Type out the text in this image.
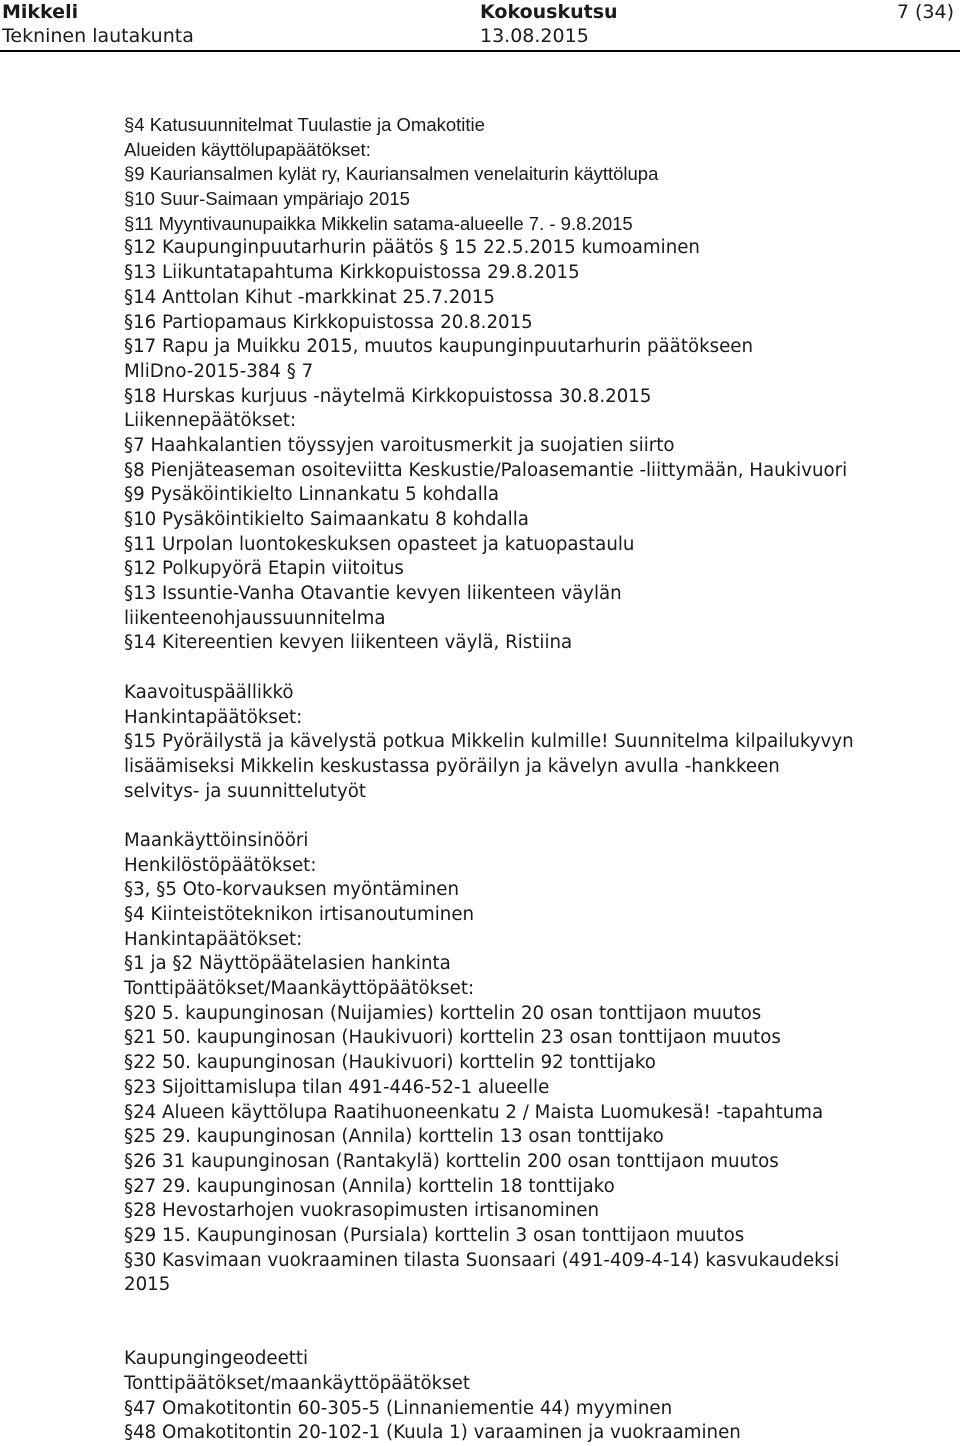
Mikkeli
Tekninen lautakunta
Kokouskutsu
13.08.2015
7 (34)
§4 Katusuunnitelmat Tuulastie ja Omakotitie
Alueiden käyttölupapäätökset:
§9 Kauriansalmen kylät ry, Kauriansalmen venelaiturin käyttölupa
§10 Suur-Saimaan ympäriajo 2015
§11 Myyntivaunupaikka Mikkelin satama-alueelle 7. - 9.8.2015
§12 Kaupunginpuutarhurin päätös § 15 22.5.2015 kumoaminen
§13 Liikuntatapahtuma Kirkkopuistossa 29.8.2015
§14 Anttolan Kihut -markkinat 25.7.2015
§16 Partiopamaus Kirkkopuistossa 20.8.2015
§17 Rapu ja Muikku 2015, muutos kaupunginpuutarhurin päätökseen
MliDno-2015-384 § 7
§18 Hurskas kurjuus -näytelmä Kirkkopuistossa 30.8.2015
Liikennepäätökset:
§7 Haahkalantien töyssyjen varoitusmerkit ja suojatien siirto
§8 Pienjäteaseman osoiteviitta Keskustie/Paloasemantie -liittymään, Haukivuori
§9 Pysäköintikielto Linnankatu 5 kohdalla
§10 Pysäköintikielto Saimaankatu 8 kohdalla
§11 Urpolan luontokeskuksen opasteet ja katuopastaulu
§12 Polkupyörä Etapin viitoitus
§13 Issuntie-Vanha Otavantie kevyen liikenteen väylän
liikenteenohjaussuunnitelma
§14 Kitereentien kevyen liikenteen väylä, Ristiina
Kaavoituspäällikkö
Hankintapäätökset:
§15 Pyöräilystä ja kävelystä potkua Mikkelin kulmille! Suunnitelma kilpailukyvyn
lisäämiseksi Mikkelin keskustassa pyöräilyn ja kävelyn avulla -hankkeen
selvitys- ja suunnittelutyöt
Maankäyttöinsinööri
Henkilöstöpäätökset:
§3, §5 Oto-korvauksen myöntäminen
§4 Kiinteistöteknikon irtisanoutuminen
Hankintapäätökset:
§1 ja §2 Näyttöpäätelasien hankinta
Tonttipäätökset/Maankäyttöpäätökset:
§20 5. kaupunginosan (Nuijamies) korttelin 20 osan tonttijaon muutos
§21 50. kaupunginosan (Haukivuori) korttelin 23 osan tonttijaon muutos
§22 50. kaupunginosan (Haukivuori) korttelin 92 tonttijako
§23 Sijoittamislupa tilan 491-446-52-1 alueelle
§24 Alueen käyttölupa Raatihuoneenkatu 2 / Maista Luomukesä! -tapahtuma
§25 29. kaupunginosan (Annila) korttelin 13 osan tonttijako
§26 31 kaupunginosan (Rantakylä) korttelin 200 osan tonttijaon muutos
§27 29. kaupunginosan (Annila) korttelin 18 tonttijako
§28 Hevostarhojen vuokrasopimusten irtisanominen
§29 15. Kaupunginosan (Pursiala) korttelin 3 osan tonttijaon muutos
§30 Kasvimaan vuokraaminen tilasta Suonsaari (491-409-4-14) kasvukaudeksi
2015
Kaupungingeodeetti
Tonttipäätökset/maankäyttöpäätökset
§47 Omakotitontin 60-305-5 (Linnaniementie 44) myyminen
§48 Omakotitontin 20-102-1 (Kuula 1) varaaminen ja vuokraaminen
